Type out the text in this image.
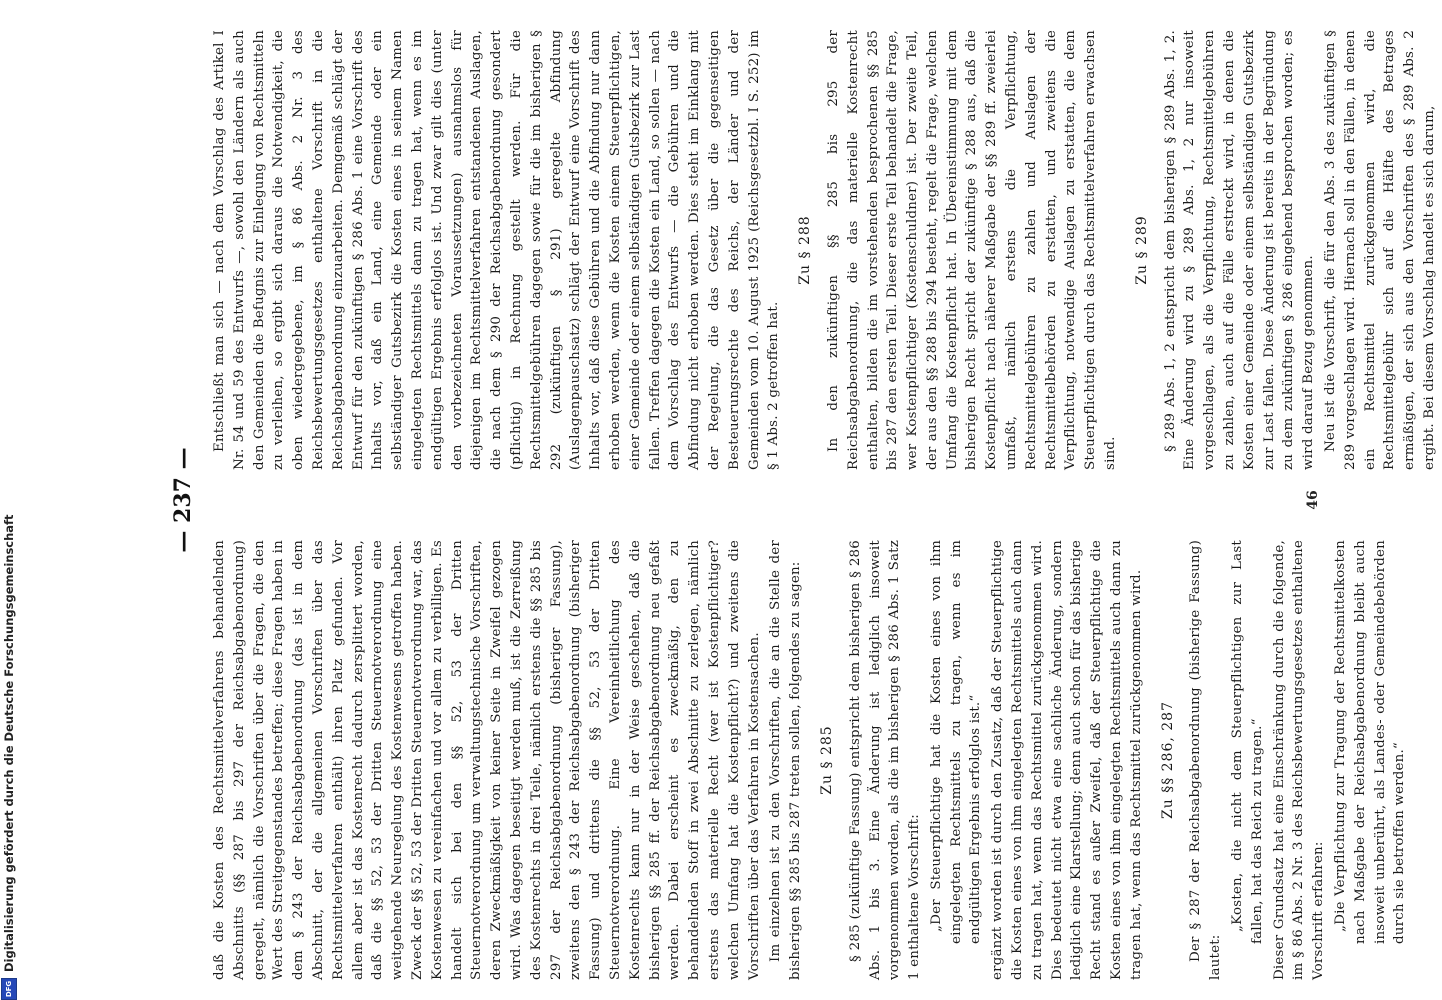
DFG
Digitalisierung gefördert durch die Deutsche Forschungsgemeinschaft
— 237 —

daß die Kosten des Rechtsmittelverfahrens behandelnden Abschnitts (§§ 287 bis 297 der Reichsabgabenordnung) geregelt, nämlich die Vorschriften über die Fragen, die den Wert des Streitgegenstandes betreffen; diese Fragen haben in dem § 243 der Reichsabgabenordnung (das ist in dem Abschnitt, der die allgemeinen Vorschriften über das Rechtsmittelverfahren enthält) ihren Platz gefunden. Vor allem aber ist das Kostenrecht dadurch zersplittert worden, daß die §§ 52, 53 der Dritten Steuernotverordnung eine weitgehende Neuregelung des Kostenwesens getroffen haben. Zweck der §§ 52, 53 der Dritten Steuernotverordnung war, das Kostenwesen zu vereinfachen und vor allem zu verbilligen. Es handelt sich bei den §§ 52, 53 der Dritten Steuernotverordnung um verwaltungstechnische Vorschriften, deren Zweckmäßigkeit von keiner Seite in Zweifel gezogen wird. Was dagegen beseitigt werden muß, ist die Zerreißung des Kostenrechts in drei Teile, nämlich erstens die §§ 285 bis 297 der Reichsabgabenordnung (bisheriger Fassung), zweitens den § 243 der Reichsabgabenordnung (bisheriger Fassung) und drittens die §§ 52, 53 der Dritten Steuernotverordnung. Eine Vereinheitlichung des Kostenrechts kann nur in der Weise geschehen, daß die bisherigen §§ 285 ff. der Reichsabgabenordnung neu gefaßt werden. Dabei erscheint es zweckmäßig, den zu behandelnden Stoff in zwei Abschnitte zu zerlegen, nämlich erstens das materielle Recht (wer ist Kostenpflichtiger? welchen Umfang hat die Kostenpflicht?) und zweitens die Vorschriften über das Verfahren in Kostensachen. Im einzelnen ist zu den Vorschriften, die an die Stelle der bisherigen §§ 285 bis 287 treten sollen, folgendes zu sagen: Zu § 285 § 285 (zukünftige Fassung) entspricht dem bisherigen § 286 Abs. 1 bis 3. Eine Änderung ist lediglich insoweit vorgenommen worden, als die im bisherigen § 286 Abs. 1 Satz 1 enthaltene Vorschrift: „Der Steuerpflichtige hat die Kosten eines von ihm eingelegten Rechtsmittels zu tragen, wenn es im endgültigen Ergebnis erfolglos ist.“ ergänzt worden ist durch den Zusatz, daß der Steuerpflichtige die Kosten eines von ihm eingelegten Rechtsmittels auch dann zu tragen hat, wenn das Rechtsmittel zurückgenommen wird. Dies bedeutet nicht etwa eine sachliche Änderung, sondern lediglich eine Klarstellung; denn auch schon für das bisherige Recht stand es außer Zweifel, daß der Steuerpflichtige die Kosten eines von ihm eingelegten Rechtsmittels auch dann zu tragen hat, wenn das Rechtsmittel zurückgenommen wird. Zu §§ 286, 287 Der § 287 der Reichsabgabenordnung (bisherige Fassung) lautet:

„Kosten, die nicht dem Steuerpflichtigen zur Last fallen, hat das Reich zu tragen.“ Dieser Grundsatz hat eine Einschränkung durch die folgende, im § 86 Abs. 2 Nr. 3 des Reichsbewertungsgesetzes enthaltene Vorschrift erfahren: „Die Verpflichtung zur Tragung der Rechtsmittelkosten nach Maßgabe der Reichsabgabenordnung bleibt auch insoweit unberührt, als Landes- oder Gemeindebehörden durch sie betroffen werden.“

Entschließt man sich — nach dem Vorschlag des Artikel I Nr. 54 und 59 des Entwurfs —, sowohl den Ländern als auch den Gemeinden die Befugnis zur Einlegung von Rechtsmitteln zu verleihen, so ergibt sich daraus die Notwendigkeit, die oben wiedergegebene, im § 86 Abs. 2 Nr. 3 des Reichsbewertungsgesetzes enthaltene Vorschrift in die Reichsabgabenordnung einzuarbeiten. Demgemäß schlägt der Entwurf für den zukünftigen § 286 Abs. 1 eine Vorschrift des Inhalts vor, daß ein Land, eine Gemeinde oder ein selbständiger Gutsbezirk die Kosten eines in seinem Namen eingelegten Rechtsmittels dann zu tragen hat, wenn es im endgültigen Ergebnis erfolglos ist. Und zwar gilt dies (unter den vorbezeichneten Voraussetzungen) ausnahmslos für diejenigen im Rechtsmittelverfahren entstandenen Auslagen, die nach dem § 290 der Reichsabgabenordnung gesondert (pflichtig) in Rechnung gestellt werden. Für die Rechtsmittelgebühren dagegen sowie für die im bisherigen § 292 (zukünftigen § 291) geregelte Abfindung (Auslagenpauschsatz) schlägt der Entwurf eine Vorschrift des Inhalts vor, daß diese Gebühren und die Abfindung nur dann erhoben werden, wenn die Kosten einem Steuerpflichtigen, einer Gemeinde oder einem selbständigen Gutsbezirk zur Last fallen. Treffen dagegen die Kosten ein Land, so sollen — nach dem Vorschlag des Entwurfs — die Gebühren und die Abfindung nicht erhoben werden. Dies steht im Einklang mit der Regelung, die das Gesetz über die gegenseitigen Besteuerungsrechte des Reichs, der Länder und der Gemeinden vom 10. August 1925 (Reichsgesetzbl. I S. 252) im § 1 Abs. 2 getroffen hat.

Zu § 288 In den zukünftigen §§ 285 bis 295 der Reichsabgabenordnung, die das materielle Kostenrecht enthalten, bilden die im vorstehenden besprochenen §§ 285 bis 287 den ersten Teil. Dieser erste Teil behandelt die Frage, wer Kostenpflichtiger (Kostenschuldner) ist. Der zweite Teil, der aus den §§ 288 bis 294 besteht, regelt die Frage, welchen Umfang die Kostenpflicht hat. In Übereinstimmung mit dem bisherigen Recht spricht der zukünftige § 288 aus, daß die Kostenpflicht nach näherer Maßgabe der §§ 289 ff. zweierlei umfaßt, nämlich erstens die Verpflichtung, Rechtsmittelgebühren zu zahlen und Auslagen der Rechtsmittelbehörden zu erstatten, und zweitens die Verpflichtung, notwendige Auslagen zu erstatten, die dem Steuerpflichtigen durch das Rechtsmittelverfahren erwachsen sind.

Zu § 289 § 289 Abs. 1, 2 entspricht dem bisherigen § 289 Abs. 1, 2. Eine Änderung wird zu § 289 Abs. 1, 2 nur insoweit vorgeschlagen, als die Verpflichtung, Rechtsmittelgebühren zu zahlen, auch auf die Fälle erstreckt wird, in denen die Kosten einer Gemeinde oder einem selbständigen Gutsbezirk zur Last fallen. Diese Änderung ist bereits in der Begründung zu dem zukünftigen § 286 eingehend besprochen worden; es wird darauf Bezug genommen. Neu ist die Vorschrift, die für den Abs. 3 des zukünftigen § 289 vorgeschlagen wird. Hiernach soll in den Fällen, in denen ein Rechtsmittel zurückgenommen wird, die Rechtsmittelgebühr sich auf die Hälfte des Betrages ermäßigen, der sich aus den Vorschriften des § 289 Abs. 2 ergibt. Bei diesem Vorschlag handelt es sich darum,

46
